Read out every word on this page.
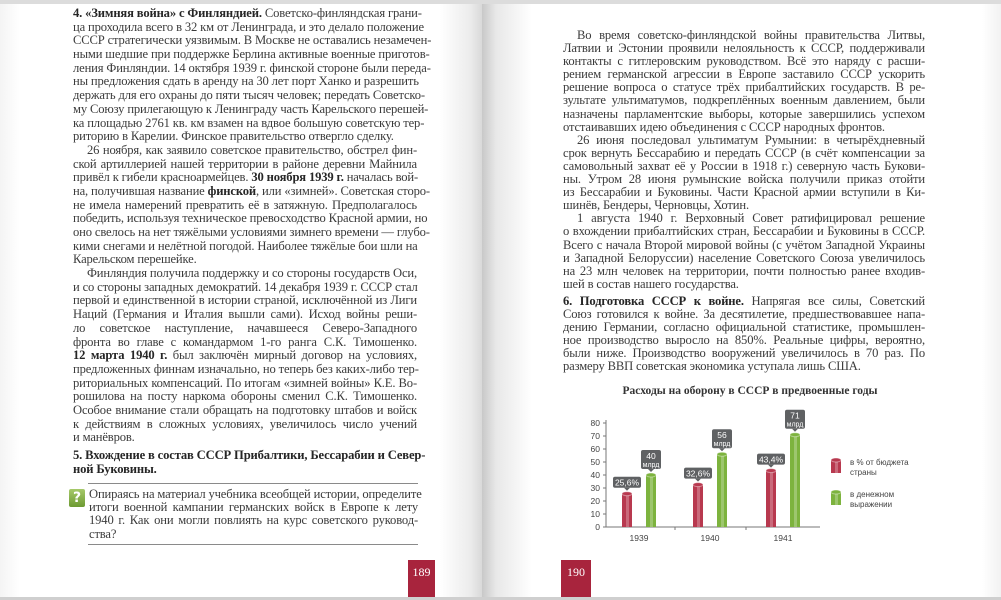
4. «Зимняя война» с Финляндией. Советско-финляндская грани-
ца проходила всего в 32 км от Ленинграда, и это делало положение
СССР стратегически уязвимым. В Москве не оставались незамечен-
ными шедшие при поддержке Берлина активные военные приготов-
ления Финляндии. 14 октября 1939 г. финской стороне были переда-
ны предложения сдать в аренду на 30 лет порт Ханко и разрешить
держать для его охраны до пяти тысяч человек; передать Советско-
му Союзу прилегающую к Ленинграду часть Карельского перешей-
ка площадью 2761 кв. км взамен на вдвое большую советскую тер-
риторию в Карелии. Финское правительство отвергло сделку.
26 ноября, как заявило советское правительство, обстрел фин-
ской артиллерией нашей территории в районе деревни Майнила
привёл к гибели красноармейцев. 30 ноября 1939 г. началась вой-
на, получившая название финской, или «зимней». Советская сторо-
не имела намерений превратить её в затяжную. Предполагалось
победить, используя техническое превосходство Красной армии, но
оно свелось на нет тяжёлыми условиями зимнего времени — глубо-
кими снегами и нелётной погодой. Наиболее тяжёлые бои шли на
Карельском перешейке.
Финляндия получила поддержку и со стороны государств Оси,
и со стороны западных демократий. 14 декабря 1939 г. СССР стал
первой и единственной в истории страной, исключённой из Лиги
Наций (Германия и Италия вышли сами). Исход войны реши-
ло советское наступление, начавшееся Северо-Западного
фронта во главе с командармом 1-го ранга С.К. Тимошенко.
12 марта 1940 г. был заключён мирный договор на условиях,
предложенных финнам изначально, но теперь без каких-либо тер-
риториальных компенсаций. По итогам «зимней войны» К.Е. Во-
рошилова на посту наркома обороны сменил С.К. Тимошенко.
Особое внимание стали обращать на подготовку штабов и войск
к действиям в сложных условиях, увеличилось число учений
и манёвров.
5. Вхождение в состав СССР Прибалтики, Бессарабии и Север-
ной Буковины.
Во время советско-финляндской войны правительства Литвы,
Латвии и Эстонии проявили нелояльность к СССР, поддерживали
контакты с гитлеровским руководством. Всё это наряду с расши-
рением германской агрессии в Европе заставило СССР ускорить
решение вопроса о статусе трёх прибалтийских государств. В ре-
зультате ультиматумов, подкреплённых военным давлением, были
назначены парламентские выборы, которые завершились успехом
отстаивавших идею объединения с СССР народных фронтов.
26 июня последовал ультиматум Румынии: в четырёхдневный
срок вернуть Бессарабию и передать СССР (в счёт компенсации за
самовольный захват её у России в 1918 г.) северную часть Букови-
ны. Утром 28 июня румынские войска получили приказ отойти
из Бессарабии и Буковины. Части Красной армии вступили в Ки-
шинёв, Бендеры, Черновцы, Хотин.
1 августа 1940 г. Верховный Совет ратифицировал решение
о вхождении прибалтийских стран, Бессарабии и Буковины в СССР.
Всего с начала Второй мировой войны (с учётом Западной Украины
и Западной Белоруссии) население Советского Союза увеличилось
на 23 млн человек на территории, почти полностью ранее входив-
шей в состав нашего государства.
6. Подготовка СССР к войне. Напрягая все силы, Советский
Союз готовился к войне. За десятилетие, предшествовавшее напа-
дению Германии, согласно официальной статистике, промышлен-
ное производство выросло на 850%. Реальные цифры, вероятно,
были ниже. Производство вооружений увеличилось в 70 раз. По
размеру ВВП советская экономика уступала лишь США.
? Опираясь на материал учебника всеобщей истории, определите
итоги военной кампании германских войск в Европе к лету
1940 г. Как они могли повлиять на курс советского руковод-
ства?
189	190
Расходы на оборону в СССР в предвоенные годы
0
10
20
30
40
50
60
70
80
1939	1940	1941
25,6%
32,6%
43,4%	в % от бюджета
страны
40
млрд
56
млрд
71
млрд
в денежном
выражении
